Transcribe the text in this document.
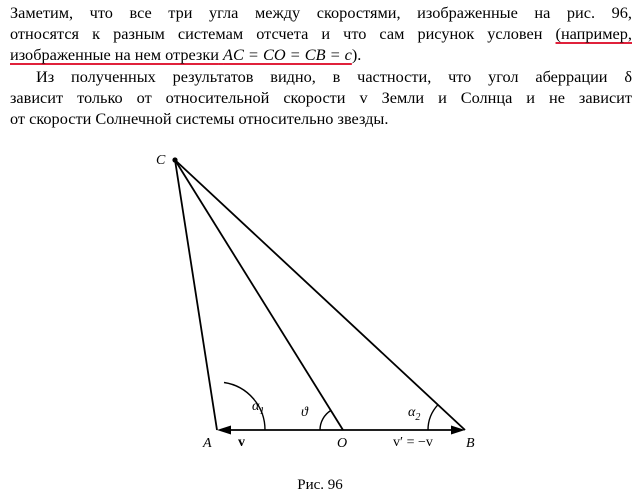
Заметим, что все три угла между скоростями, изображенные на рис. 96,
относятся к разным системам отсчета и что сам рисунок условен (например,
изображенные на нем отрезки AC = CO = CB = c).
Из полученных результатов видно, в частности, что угол аберрации δ
зависит только от относительной скорости v Земли и Солнца и не зависит
от скорости Солнечной системы относительно звезды.
C
A	O	B
v	v′ = −v
$\alpha_1$	ϑ	$\alpha_2$
Рис. 96
